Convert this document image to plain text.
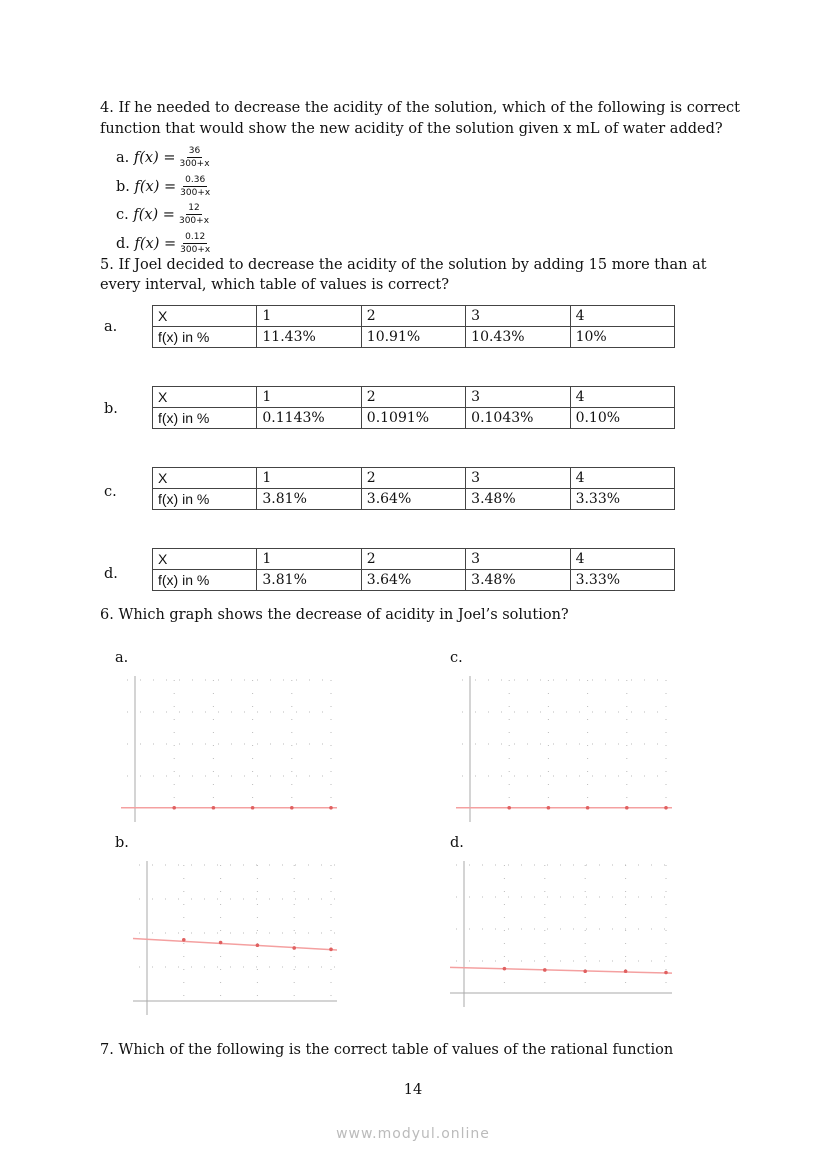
4. If he needed to decrease the acidity of the solution, which of the following is correct
function that would show the new acidity of the solution given x mL of water added?
a.
$f(x) = \frac{36}{300+x}$
b.
$f(x) = \frac{0.36}{300+x}$
c.
$f(x) = \frac{12}{300+x}$
d.
$f(x) = \frac{0.12}{300+x}$
5. If Joel decided to decrease the acidity of the solution by adding 15 more than at
every interval, which table of values is correct?
a.
X	1	2	3	4
f(x) in %	11.43%	10.91%	10.43%	10%
b.
X	1	2	3	4
f(x) in %	0.1143%	0.1091%	0.1043%	0.10%
c.
X	1	2	3	4
f(x) in %	3.81%	3.64%	3.48%	3.33%
d.
X	1	2	3	4
f(x) in %	3.81%	3.64%	3.48%	3.33%
6. Which graph shows the decrease of acidity in Joel’s solution?
a.
b.
c.
d.
7. Which of the following is the correct table of values of the rational function
14
www.modyul.online
